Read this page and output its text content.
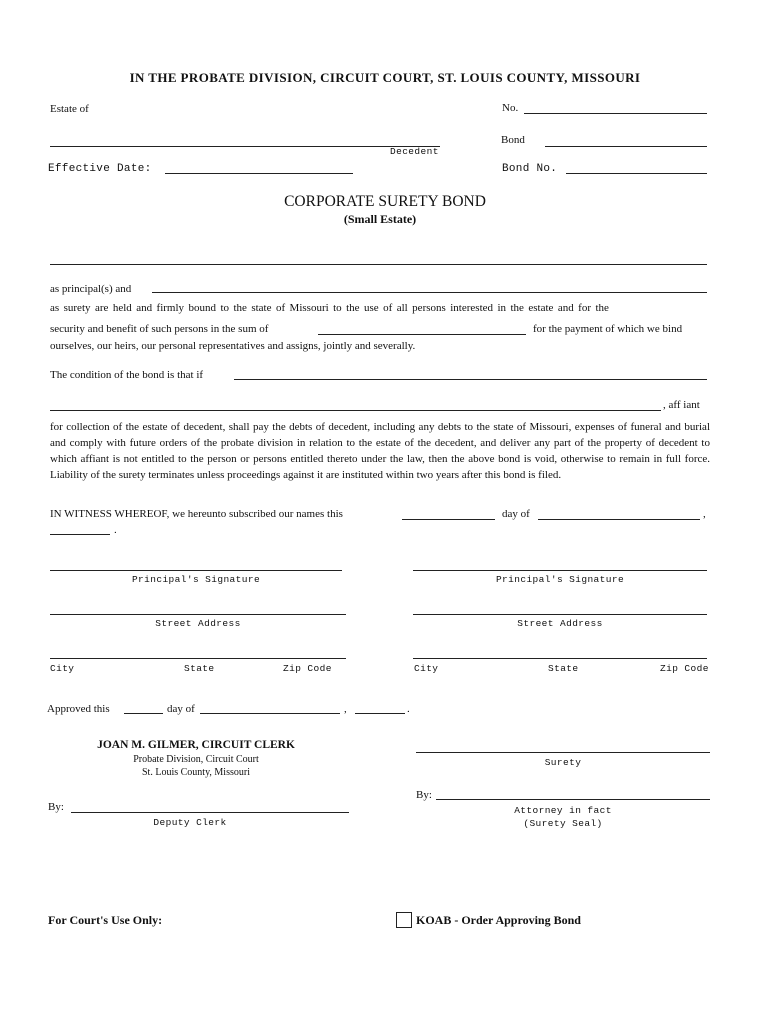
IN THE PROBATE DIVISION, CIRCUIT COURT, ST. LOUIS COUNTY, MISSOURI
Estate of	No.
Bond
Decedent
Effective Date:	Bond No.
CORPORATE SURETY BOND
(Small Estate)
as principal(s) and
as surety are held and firmly bound to the state of Missouri to the use of all persons interested in the estate and for the
security and benefit of such persons in the sum of	for the payment of which we bind
ourselves, our heirs, our personal representatives and assigns, jointly and severally.
The condition of the bond is that if
, aff iant
for collection of the estate of decedent, shall pay the debts of decedent, including any debts to the state of Missouri, expenses of funeral and burial and comply with future orders of the probate division in relation to the estate of the decedent, and deliver any part of the property of decedent to which affiant is not entitled to the person or persons entitled thereto under the law, then the above bond is void, otherwise to remain in full force. Liability of the surety terminates unless proceedings against it are instituted within two years after this bond is filed.
IN WITNESS WHEREOF, we hereunto subscribed our names this	day of	,
.
Principal's Signature	Principal's Signature
Street Address	Street Address
City	State	Zip Code	City	State	Zip Code
Approved this	day of	,	.
JOAN M. GILMER, CIRCUIT CLERK
Probate Division, Circuit Court
St. Louis County, Missouri
Surety
By:
Attorney in fact
(Surety Seal)
By:
Deputy Clerk
For Court's Use Only:	KOAB - Order Approving Bond
